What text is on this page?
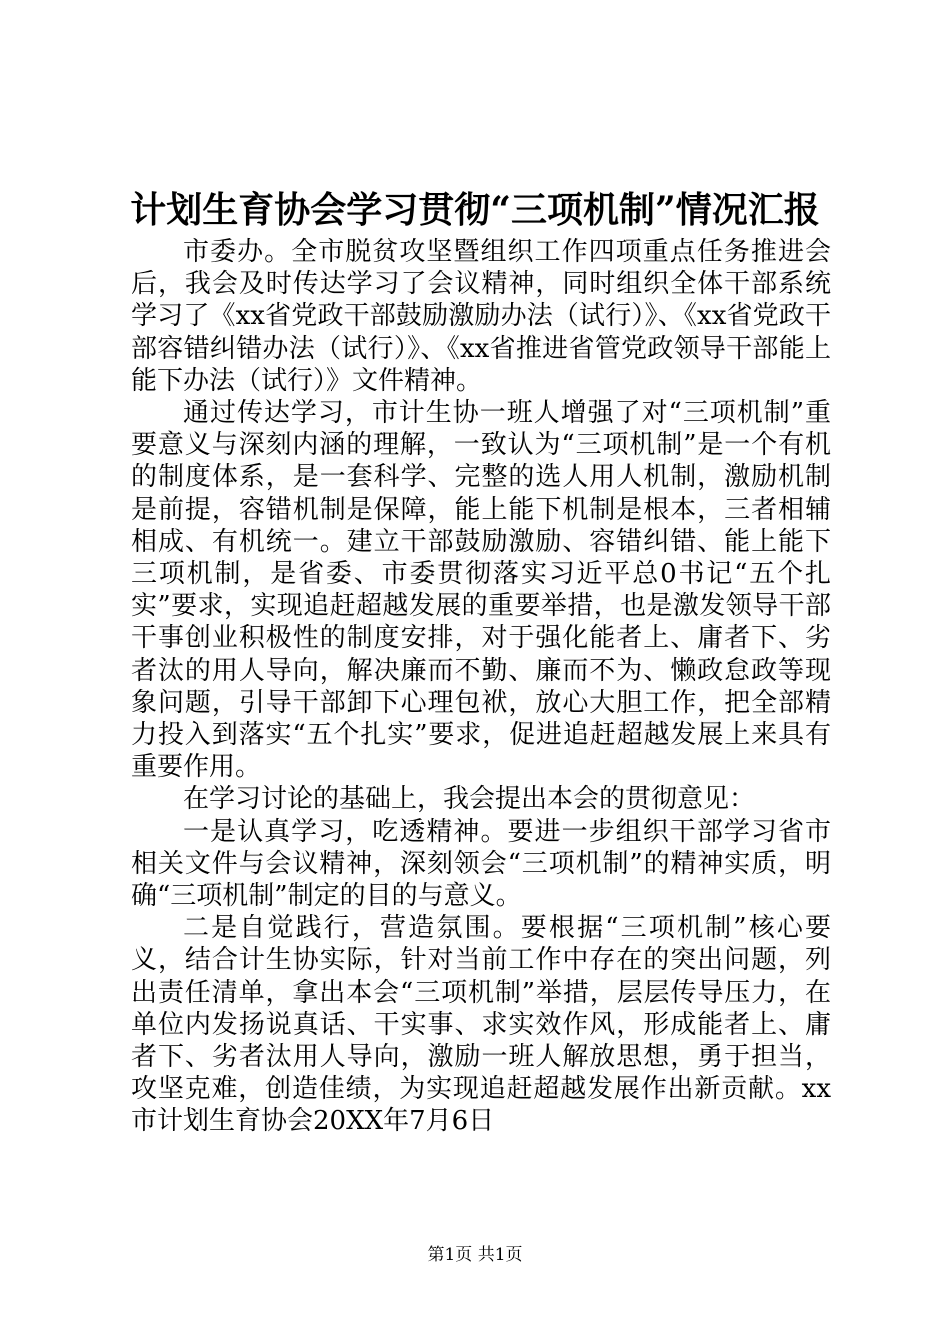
计划生育协会学习贯彻“三项机制”情况汇报

市委办。全市脱贫攻坚暨组织工作四项重点任务推进会后，我会及时传达学习了会议精神，同时组织全体干部系统学习了《xx省党政干部鼓励激励办法（试行）》、《xx省党政干部容错纠错办法（试行）》、《xx省推进省管党政领导干部能上能下办法（试行）》文件精神。

通过传达学习，市计生协一班人增强了对“三项机制”重要意义与深刻内涵的理解，一致认为“三项机制”是一个有机的制度体系，是一套科学、完整的选人用人机制，激励机制是前提，容错机制是保障，能上能下机制是根本，三者相辅相成、有机统一。建立干部鼓励激励、容错纠错、能上能下三项机制，是省委、市委贯彻落实习近平总0书记“五个扎实”要求，实现追赶超越发展的重要举措，也是激发领导干部干事创业积极性的制度安排，对于强化能者上、庸者下、劣者汰的用人导向，解决廉而不勤、廉而不为、懒政怠政等现象问题，引导干部卸下心理包袱，放心大胆工作，把全部精力投入到落实“五个扎实”要求，促进追赶超越发展上来具有重要作用。

在学习讨论的基础上，我会提出本会的贯彻意见：

一是认真学习，吃透精神。要进一步组织干部学习省市相关文件与会议精神，深刻领会“三项机制”的精神实质，明确“三项机制”制定的目的与意义。

二是自觉践行，营造氛围。要根据“三项机制”核心要义，结合计生协实际，针对当前工作中存在的突出问题，列出责任清单，拿出本会“三项机制”举措，层层传导压力，在单位内发扬说真话、干实事、求实效作风，形成能者上、庸者下、劣者汰用人导向，激励一班人解放思想，勇于担当，攻坚克难，创造佳绩，为实现追赶超越发展作出新贡献。xx市计划生育协会20XX年7月6日

第1页 共1页
